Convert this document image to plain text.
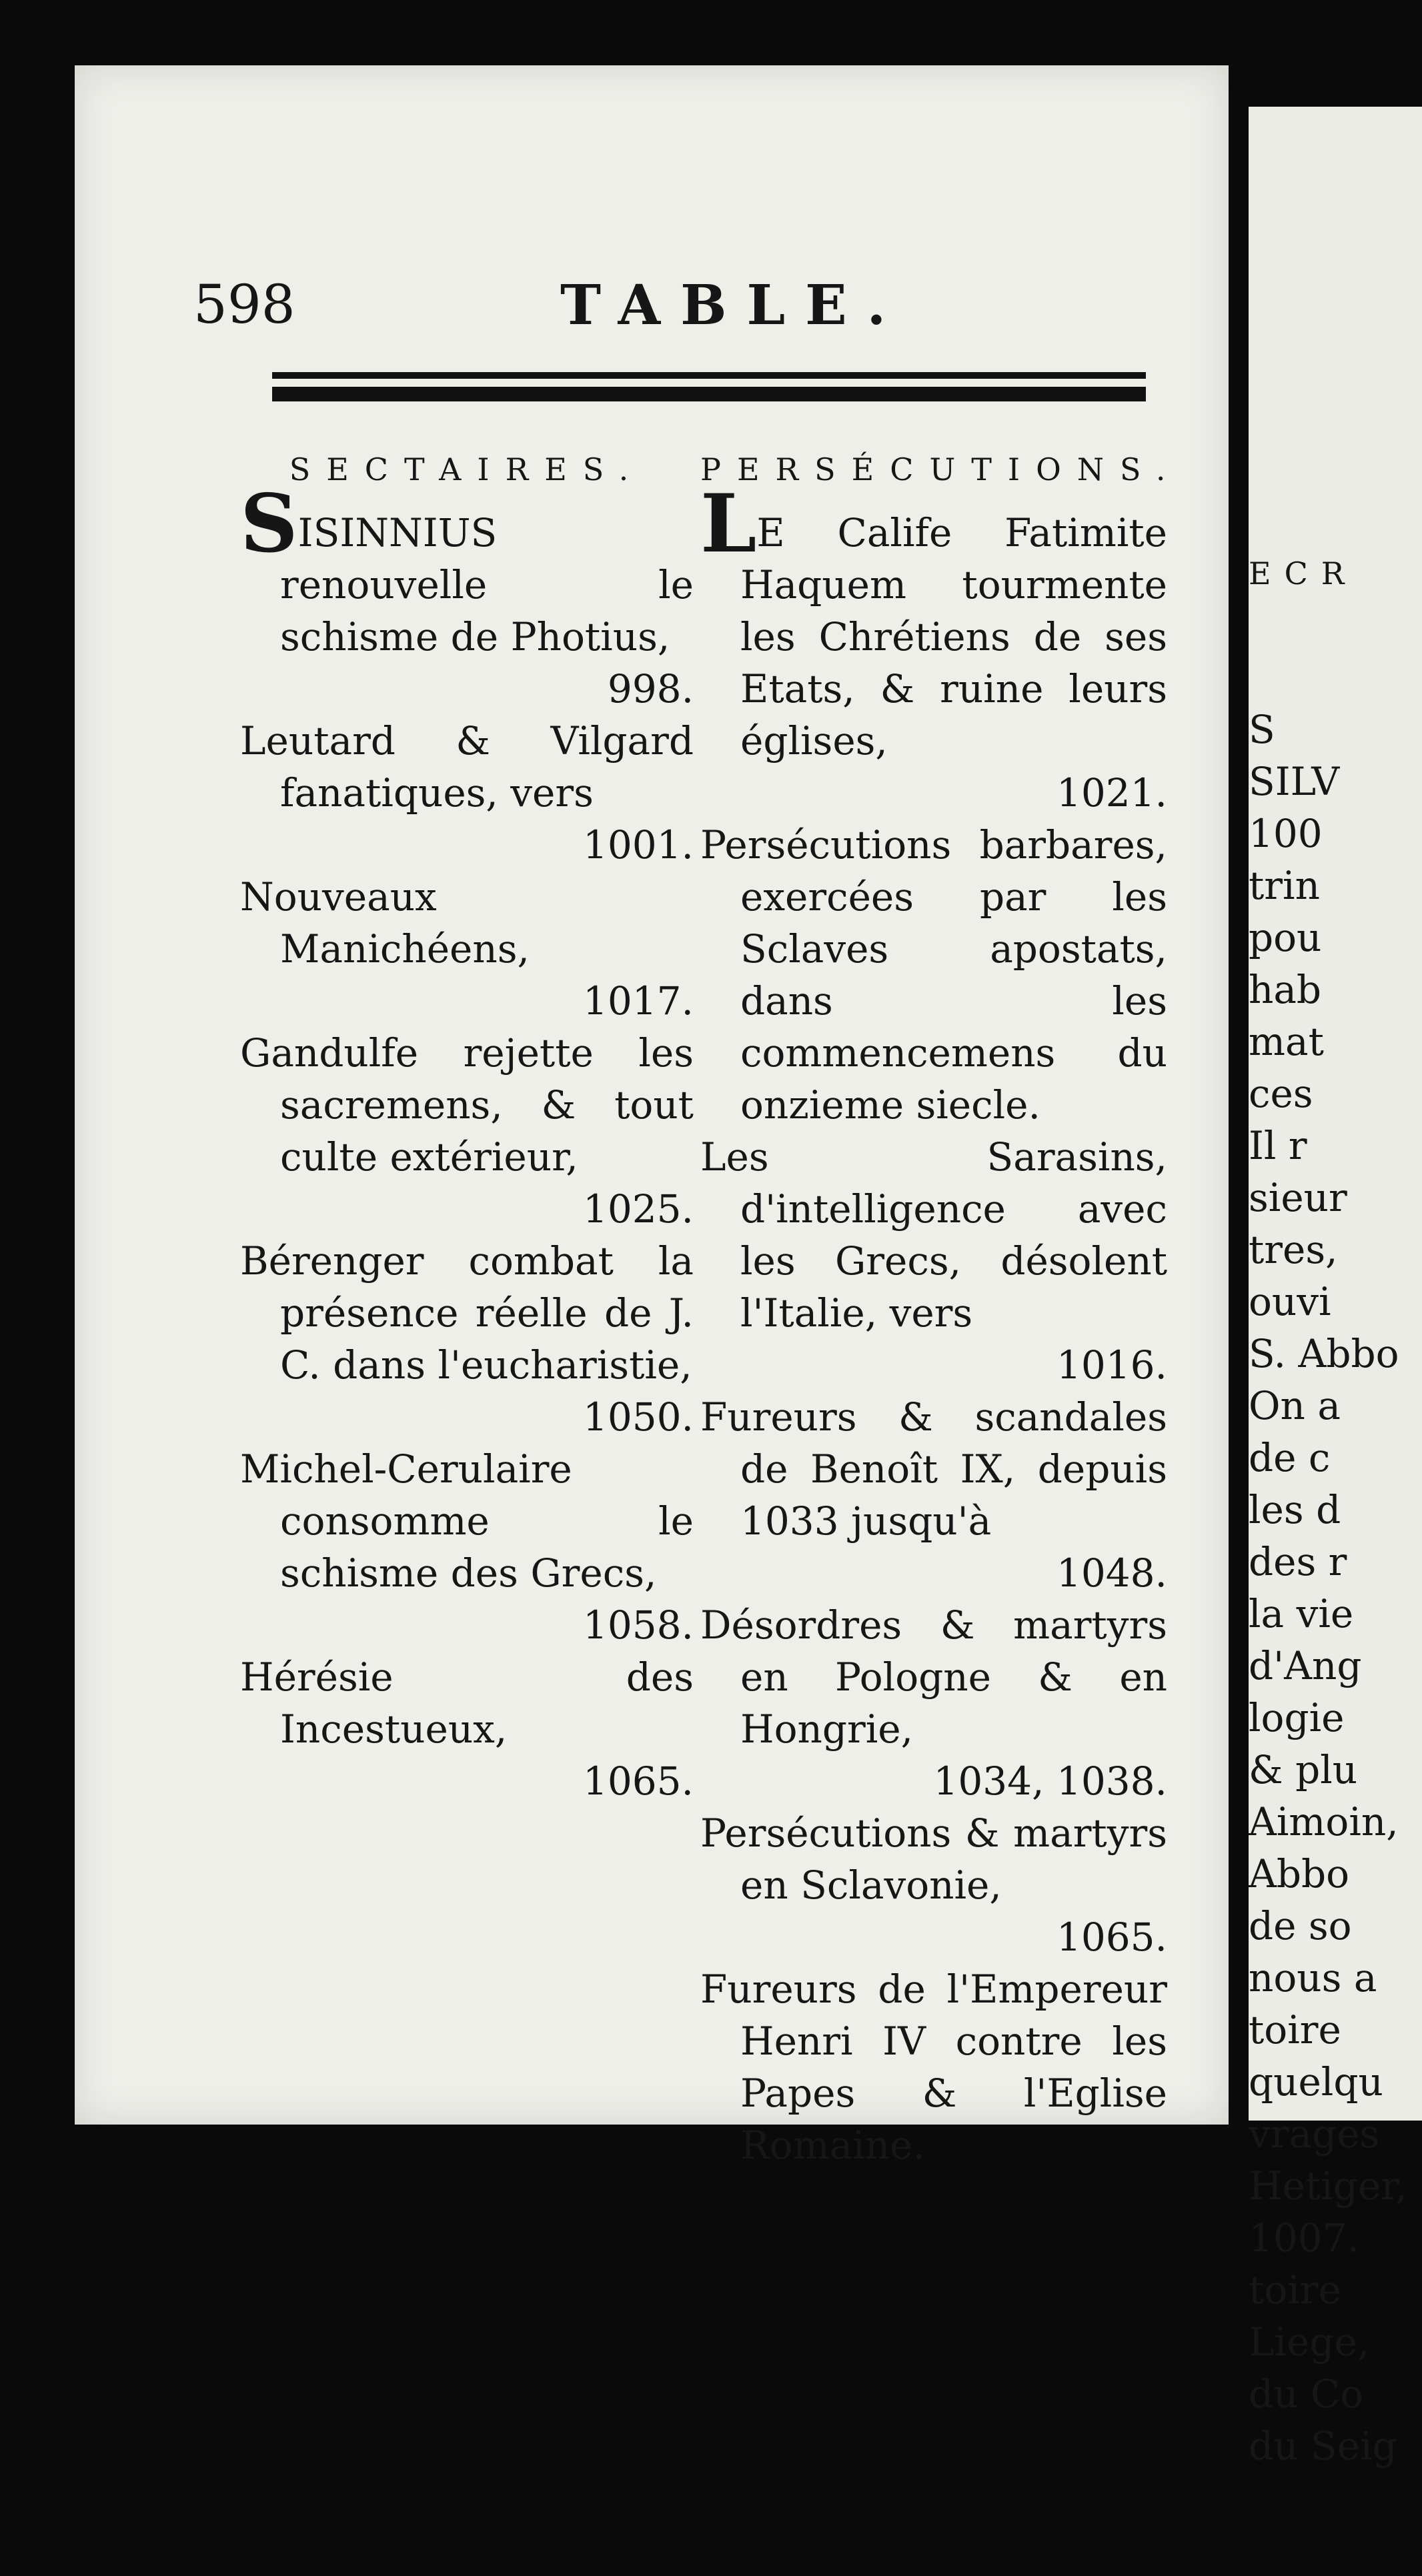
598	TABLE.
SECTAIRES.
SISINNIUS renouvelle le schisme de Photius,
998.
Leutard & Vilgard fanatiques, vers
1001.
Nouveaux Manichéens,
1017.
Gandulfe rejette les sacremens, & tout culte extérieur,
1025.
Bérenger combat la présence réelle de J. C. dans l'eucharistie,
1050.
Michel-Cerulaire consomme le schisme des Grecs,
1058.
Hérésie des Incestueux,
1065.
PERSÉCUTIONS.
LE Calife Fatimite Haquem tourmente les Chrétiens de ses Etats, & ruine leurs églises,
1021.
Persécutions barbares, exercées par les Sclaves apostats, dans les commencemens du onzieme siecle.
Les Sarasins, d'intelligence avec les Grecs, désolent l'Italie, vers
1016.
Fureurs & scandales de Benoît IX, depuis 1033 jusqu'à
1048.
Désordres & martyrs en Pologne & en Hongrie,
1034, 1038.
Persécutions & martyrs en Sclavonie,
1065.
Fureurs de l'Empereur Henri IV contre les Papes & l'Eglise Romaine.

ECR

S
SILV
100
trin
pou
hab
mat
ces
Il r
sieur
tres,
ouvi
S. Abbo
On a
de c
les d
des r
la vie
d'Ang
logie
& plu
Aimoin,
Abbo
de so
nous a
toire
quelqu
vrages
Hetiger,
1007.
toire
Liege,
du Co
du Seig
